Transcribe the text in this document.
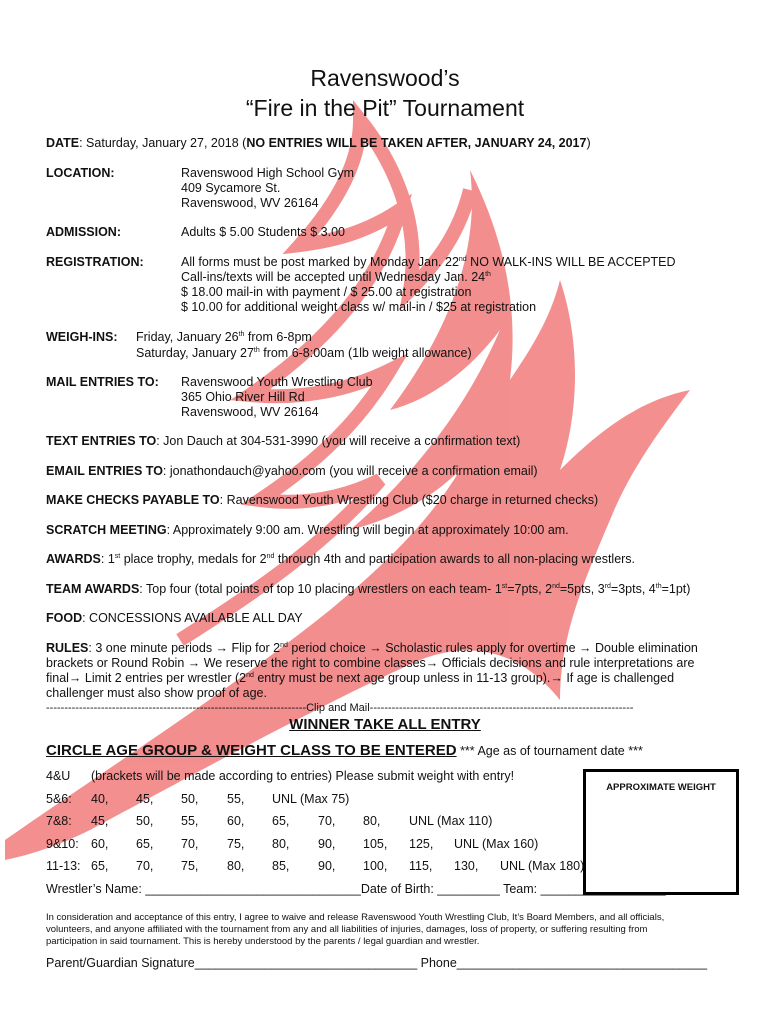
Ravenswood’s
“Fire in the Pit” Tournament
DATE: Saturday, January 27, 2018 (NO ENTRIES WILL BE TAKEN AFTER, JANUARY 24, 2017)
LOCATION:	Ravenswood High School Gym
409 Sycamore St.
Ravenswood, WV 26164
ADMISSION:	Adults $ 5.00 Students $ 3.00
REGISTRATION:	All forms must be post marked by Monday Jan. 22nd NO WALK-INS WILL BE ACCEPTED
Call-ins/texts will be accepted until Wednesday Jan. 24th
$ 18.00 mail-in with payment / $ 25.00 at registration
$ 10.00 for additional weight class w/ mail-in / $25 at registration
WEIGH-INS: Friday, January 26th from 6-8pm
Saturday, January 27th from 6-8:00am (1lb weight allowance)
MAIL ENTRIES TO: Ravenswood Youth Wrestling Club
365 Ohio River Hill Rd
Ravenswood, WV 26164
TEXT ENTRIES TO: Jon Dauch at 304-531-3990 (you will receive a confirmation text)
EMAIL ENTRIES TO: jonathondauch@yahoo.com (you will receive a confirmation email)
MAKE CHECKS PAYABLE TO: Ravenswood Youth Wrestling Club ($20 charge in returned checks)
SCRATCH MEETING: Approximately 9:00 am. Wrestling will begin at approximately 10:00 am.
AWARDS: 1st place trophy, medals for 2nd through 4th and participation awards to all non-placing wrestlers.
TEAM AWARDS: Top four (total points of top 10 placing wrestlers on each team- 1st=7pts, 2nd=5pts, 3rd=3pts, 4th=1pt)
FOOD: CONCESSIONS AVAILABLE ALL DAY
RULES: 3 one minute periods → Flip for 2nd period choice → Scholastic rules apply for overtime → Double elimination
brackets or Round Robin → We reserve the right to combine classes→ Officials decisions and rule interpretations are
final→ Limit 2 entries per wrestler (2nd entry must be next age group unless in 11-13 group).→ If age is challenged
challenger must also show proof of age.
-----------------------------------------------------------------------Clip and Mail------------------------------------------------------------------------
WINNER TAKE ALL ENTRY
CIRCLE AGE GROUP & WEIGHT CLASS TO BE ENTERED *** Age as of tournament date ***
4&U (brackets will be made according to entries) Please submit weight with entry!
5&6: 40, 45, 50, 55, UNL (Max 75)
7&8: 45, 50, 55, 60, 65, 70, 80, UNL (Max 110)
9&10: 60, 65, 70, 75, 80, 90, 105, 125, UNL (Max 160)
11-13: 65, 70, 75, 80, 85, 90, 100, 115, 130, UNL (Max 180)
APPROXIMATE WEIGHT
Wrestler’s Name: _______________________________Date of Birth: _________ Team: __________________
In consideration and acceptance of this entry, I agree to waive and release Ravenswood Youth Wrestling Club, It’s Board Members, and all officials,
volunteers, and anyone affiliated with the tournament from any and all liabilities of injuries, damages, loss of property, or suffering resulting from
participation in said tournament. This is hereby understood by the parents / legal guardian and wrestler.
Parent/Guardian Signature________________________________ Phone____________________________________
